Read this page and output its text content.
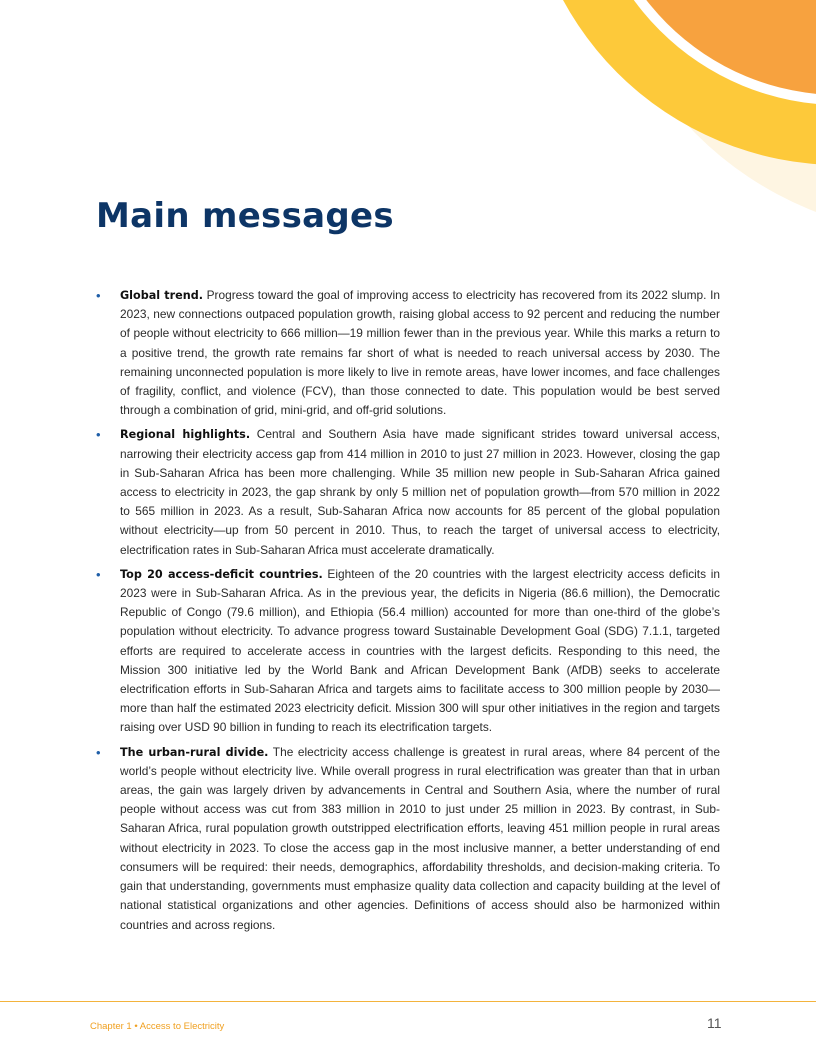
Main messages
• Global trend. Progress toward the goal of improving access to electricity has recovered from its 2022 slump. In 2023, new connections outpaced population growth, raising global access to 92 percent and reducing the number of people without electricity to 666 million—19 million fewer than in the previous year. While this marks a return to a positive trend, the growth rate remains far short of what is needed to reach universal access by 2030. The remaining unconnected population is more likely to live in remote areas, have lower incomes, and face challenges of fragility, conflict, and violence (FCV), than those connected to date. This population would be best served through a combination of grid, mini-grid, and off-grid solutions.
• Regional highlights. Central and Southern Asia have made significant strides toward universal access, narrowing their electricity access gap from 414 million in 2010 to just 27 million in 2023. However, closing the gap in Sub-Saharan Africa has been more challenging. While 35 million new people in Sub-Saharan Africa gained access to electricity in 2023, the gap shrank by only 5 million net of population growth—from 570 million in 2022 to 565 million in 2023. As a result, Sub-Saharan Africa now accounts for 85 percent of the global population without electricity—up from 50 percent in 2010. Thus, to reach the target of universal access to electricity, electrification rates in Sub-Saharan Africa must accelerate dramatically.
• Top 20 access-deficit countries. Eighteen of the 20 countries with the largest electricity access deficits in 2023 were in Sub-Saharan Africa. As in the previous year, the deficits in Nigeria (86.6 million), the Democratic Republic of Congo (79.6 million), and Ethiopia (56.4 million) accounted for more than one-third of the globe’s population without electricity. To advance progress toward Sustainable Development Goal (SDG) 7.1.1, targeted efforts are required to accelerate access in countries with the largest deficits. Responding to this need, the Mission 300 initiative led by the World Bank and African Development Bank (AfDB) seeks to accelerate electrification efforts in Sub-Saharan Africa and targets aims to facilitate access to 300 million people by 2030—more than half the estimated 2023 electricity deficit. Mission 300 will spur other initiatives in the region and targets raising over USD 90 billion in funding to reach its electrification targets.
• The urban-rural divide. The electricity access challenge is greatest in rural areas, where 84 percent of the world’s people without electricity live. While overall progress in rural electrification was greater than that in urban areas, the gain was largely driven by advancements in Central and Southern Asia, where the number of rural people without access was cut from 383 million in 2010 to just under 25 million in 2023. By contrast, in Sub-Saharan Africa, rural population growth outstripped electrification efforts, leaving 451 million people in rural areas without electricity in 2023. To close the access gap in the most inclusive manner, a better understanding of end consumers will be required: their needs, demographics, affordability thresholds, and decision-making criteria. To gain that understanding, governments must emphasize quality data collection and capacity building at the level of national statistical organizations and other agencies. Definitions of access should also be harmonized within countries and across regions.
Chapter 1 • Access to Electricity	11
